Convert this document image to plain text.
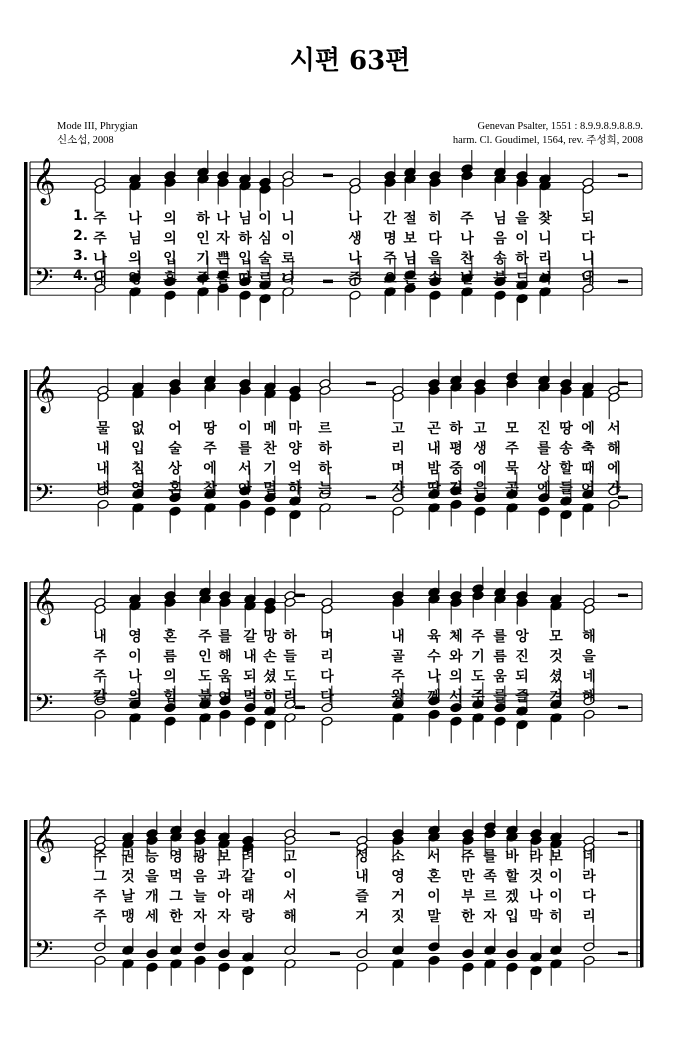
시편 63편
Mode III, Phrygian
신소섭, 2008
Genevan Psalter, 1551 : 8.9.9.8.9.8.8.9.
harm. Cl. Goudimel, 1564, rev. 주성희, 2008
𝄞
𝄢
1. 주 나 의 하 나 님 이 니	나 간 절 히 주 님 을 찾 되
2. 주 님 의 인 자 하 심 이	생 명 보 다 나 음 이 니 다
3. 나 의 입 기 쁜 입 술 로	나 주 님 을 찬 송 하 리 니
4. 내 영 혼 주 를 따 르 니	주 오 른 손 날 붙 드 시 네
𝄞
𝄢
물 없 어 땅 이 메 마 르	고 곤 하 고 모 진 땅 에 서
내 입 술 주 를 찬 양 하	리 내 평 생 주 를 송 축 해
내 침 상 에 서 기 억 하	며 밤 중 에 묵 상 할 때 에
내 영 혼 찾 아 멸 하 는	자 땅 깊 은 곳 에 들 어 가
𝄞
𝄢
내 영 혼 주 를 갈 망 하 며	내 육 체 주 를 앙 모 해
주 이 름 인 해 내 손 들 리	골 수 와 기 름 진 것 을
주 나 의 도 움 되 셨 도 다	주 나 의 도 움 되 셨 네
칼 의 힘 붙 여 먹 히 리 다	왕 께 서 주 를 즐 겨 해
𝄞
𝄢
주 권 능 영 광 보 려 고	성 소 서 주 를 바 라 보 네
그 것 을 먹 음 과 같 이	내 영 혼 만 족 할 것 이 라
주 날 개 그 늘 아 래 서	즐 거 이 부 르 겠 나 이 다
주 맹 세 한 자 자 랑 해	거 짓 말 한 자 입 막 히 리
